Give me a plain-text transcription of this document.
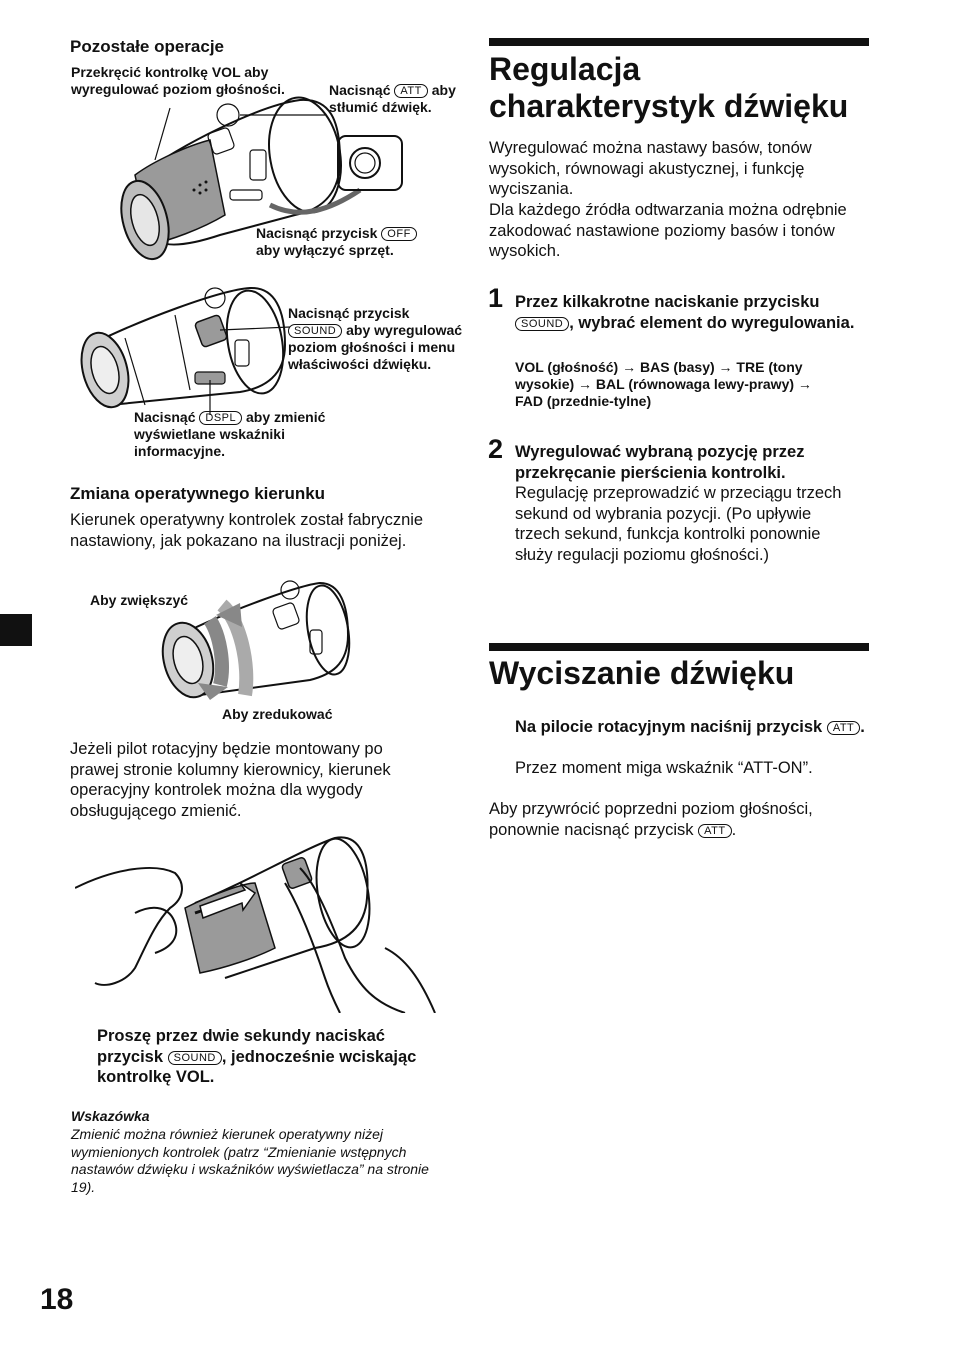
Pozostałe operacje
Przekręcić kontrolkę VOL aby wyregulować poziom głośności.	Nacisnąć ATT aby stłumić dźwięk.
Nacisnąć przycisk OFF aby wyłączyć sprzęt.
Nacisnąć przycisk SOUND aby wyregulować poziom głośności i menu właściwości dźwięku.
Nacisnąć DSPL aby zmienić wyświetlane wskaźniki informacyjne.
Zmiana operatywnego kierunku
Kierunek operatywny kontrolek został fabrycznie nastawiony, jak pokazano na ilustracji poniżej.
Aby zwiększyć
Aby zredukować
Jeżeli pilot rotacyjny będzie montowany po prawej stronie kolumny kierownicy, kierunek operacyjny kontrolek można dla wygody obsługującego zmienić.
Proszę przez dwie sekundy naciskać przycisk SOUND , jednocześnie wciskając kontrolkę VOL.
Wskazówka
Zmienić można również kierunek operatywny niżej wymienionych kontrolek (patrz “Zmienianie wstępnych nastawów dźwięku i wskaźników wyświetlacza” na stronie 19).
18
Regulacja charakterystyk dźwięku
Wyregulować można nastawy basów, tonów wysokich, równowagi akustycznej, i funkcję wyciszania.
Dla każdego źródła odtwarzania można odrębnie zakodować nastawione poziomy basów i tonów wysokich.
1 Przez kilkakrotne naciskanie przycisku SOUND , wybrać element do wyregulowania.
VOL (głośność) → BAS (basy) → TRE (tony wysokie) → BAL (równowaga lewy-prawy) → FAD (przednie-tylne)
2 Wyregulować wybraną pozycję przez przekręcanie pierścienia kontrolki.
Regulację przeprowadzić w przeciągu trzech sekund od wybrania pozycji. (Po upływie trzech sekund, funkcja kontrolki ponownie służy regulacji poziomu głośności.)
Wyciszanie dźwięku
Na pilocie rotacyjnym naciśnij przycisk ATT .
Przez moment miga wskaźnik “ATT-ON”.
Aby przywrócić poprzedni poziom głośności, ponownie nacisnąć przycisk ATT .
